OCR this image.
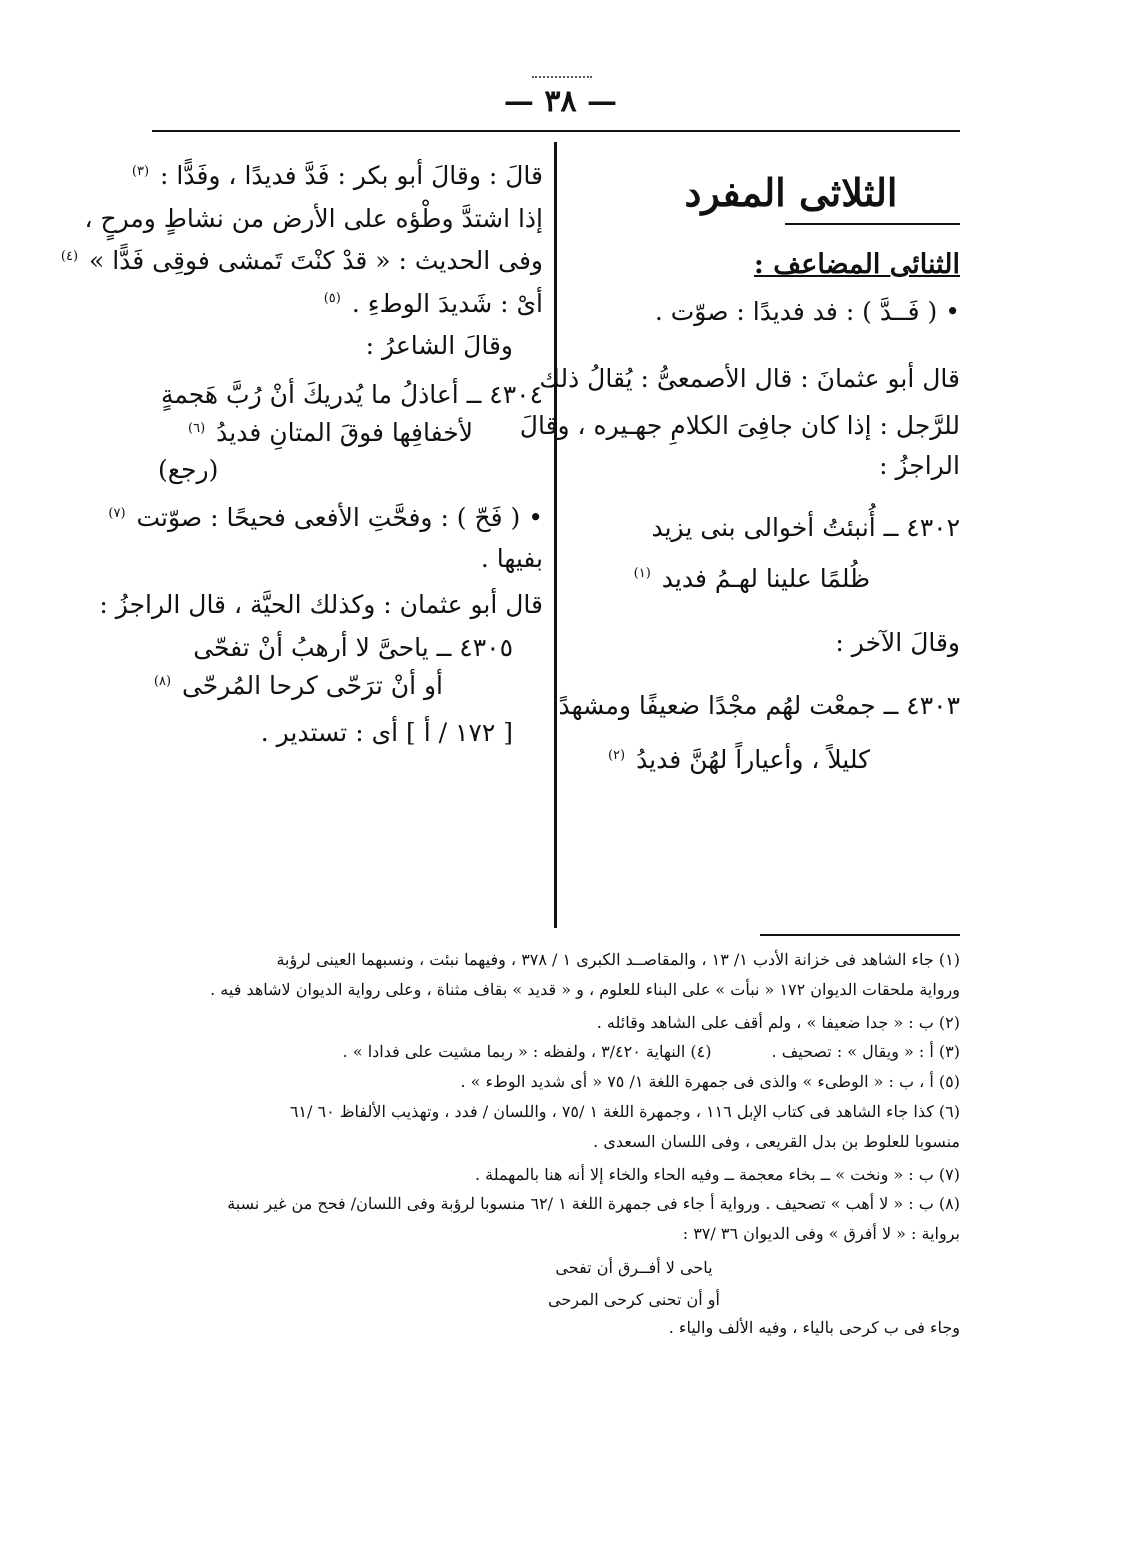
— ٣٨ —
الثلاثى المفرد
الثنائى المضاعف :

• ( فَــدَّ ) : فد فديدًا : صوّت .

قال أبو عثمانَ : قال الأصمعىُّ : يُقالُ ذلك

للرَّجل : إذا كان جافِىَ الكلامِ جهـيره ، وقالَ

الراجزُ :

٤٣٠٢ ــ أُنبئتُ أخوالى بنى يزيد

ظُلمًا علينا لهـمُ فديد $^{(١)}$

وقالَ الآخر :

٤٣٠٣ ــ جمعْت لهُم مجْدًا ضعيفًا ومشهدًا

كليلاً ، وأعياراً لهُنَّ فديدُ $^{(٢)}$

قالَ : وقالَ أبو بكر : فَدَّ فديدًا ، وفَدًّا : $^{(٣)}$

إذا اشتدَّ وطْؤه على الأرض من نشاطٍ ومرحٍ ،

وفى الحديث : « قدْ كنْتَ تَمشى فوقِى فَدًّا » $^{(٤)}$

أىْ : شَديدَ الوطءِ . $^{(٥)}$

وقالَ الشاعرُ :

٤٣٠٤ ــ أعاذلُ ما يُدريكَ أنْ رُبَّ هَجمةٍ

لأخفافِها فوقَ المتانِ فديدُ $^{(٦)}$

(رجع)

• ( فَحّ ) : وفحَّتِ الأفعى فحيحًا : صوّتت $^{(٧)}$

بفيها .

قال أبو عثمان : وكذلك الحيَّة ، قال الراجزُ :

٤٣٠٥ ــ ياحىَّ لا أرهبُ أنْ تفحّى

أو أنْ ترَحّى كرحا المُرحّى $^{(٨)}$

[ ١٧٢ / أ ] أى : تستدير .

(١) جاء الشاهد فى خزانة الأدب ١/ ١٣ ، والمقاصــد الكبرى ١ / ٣٧٨ ، وفيهما نبئت ، ونسبهما العينى لرؤبة

ورواية ملحقات الديوان ١٧٢ « نبأت » على البناء للعلوم ، و « قديد » بقاف مثناة ، وعلى رواية الديوان لاشاهد فيه .

(٢) ب : « جدا ضعيفا » ، ولم أقف على الشاهد وقائله .

(٣) أ : « ويقال » : تصحيف .
(٤) النهاية ٣/٤٢٠ ، ولفظه : « ربما مشيت على فدادا » .

(٥) أ ، ب : « الوطىء » والذى فى جمهرة اللغة ١/ ٧٥ « أى شديد الوطء » .

(٦) كذا جاء الشاهد فى كتاب الإبل ١١٦ ، وجمهرة اللغة ١ /٧٥ ، واللسان / فدد ، وتهذيب الألفاظ ٦٠ /٦١

منسوبا للعلوط بن بدل القريعى ، وفى اللسان السعدى .

(٧) ب : « ونخت » ــ بخاء معجمة ــ وفيه الحاء والخاء إلا أنه هنا بالمهملة .

(٨) ب : « لا أهب » تصحيف . ورواية أ جاء فى جمهرة اللغة ١ /٦٢ منسوبا لرؤبة وفى اللسان/ فحح من غير نسبة

برواية : « لا أفرق » وفى الديوان ٣٦ /٣٧ :

ياحى لا أفــرق أن تفحى

أو أن تحنى كرحى المرحى

وجاء فى ب كرحى بالياء ، وفيه الألف والياء .
